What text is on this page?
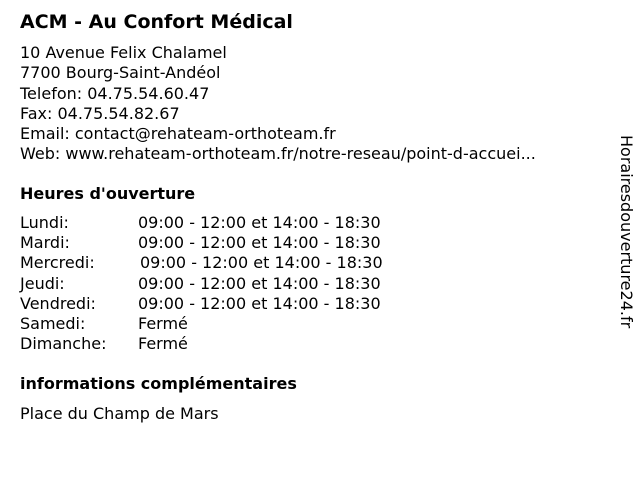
ACM - Au Confort Médical
10 Avenue Felix Chalamel
7700 Bourg-Saint-Andéol
Telefon: 04.75.54.60.47
Fax: 04.75.54.82.67
Email: contact@rehateam-orthoteam.fr
Web: www.rehateam-orthoteam.fr/notre-reseau/point-d-accuei...
Heures d'ouverture
Lundi:	09:00 - 12:00 et 14:00 - 18:30
Mardi:	09:00 - 12:00 et 14:00 - 18:30
Mercredi:	09:00 - 12:00 et 14:00 - 18:30
Jeudi:	09:00 - 12:00 et 14:00 - 18:30
Vendredi:	09:00 - 12:00 et 14:00 - 18:30
Samedi:	Fermé
Dimanche: Fermé
informations complémentaires
Place du Champ de Mars
Horairesdouverture24.fr
